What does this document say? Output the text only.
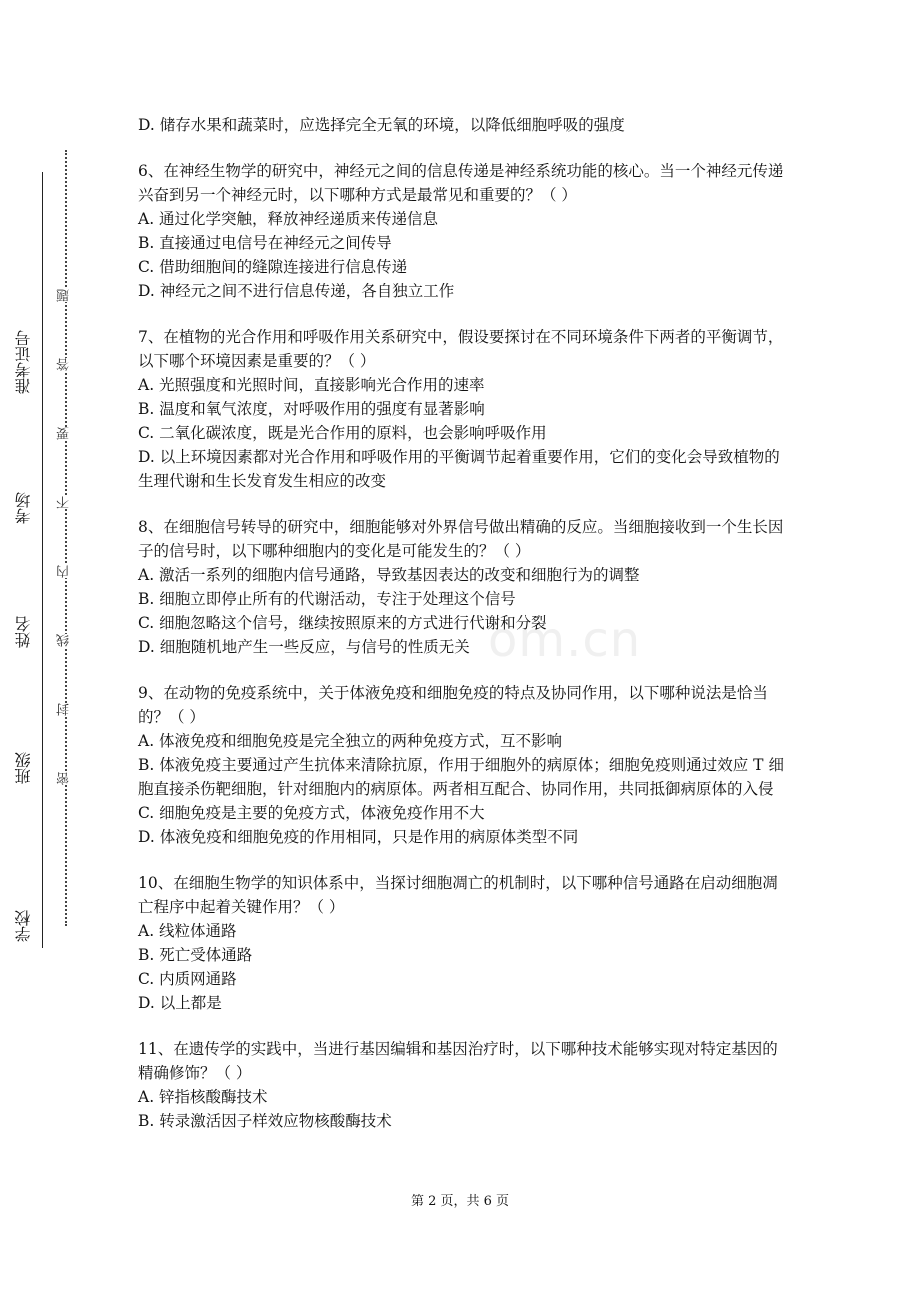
准考证号
考场
姓名
班级
学校
密
封
线
内
不
要
答
题
om.cn

D. 储存水果和蔬菜时，应选择完全无氧的环境，以降低细胞呼吸的强度

6、在神经生物学的研究中，神经元之间的信息传递是神经系统功能的核心。当一个神经元传递兴奋到另一个神经元时，以下哪种方式是最常见和重要的？（ ）

A. 通过化学突触，释放神经递质来传递信息

B. 直接通过电信号在神经元之间传导

C. 借助细胞间的缝隙连接进行信息传递

D. 神经元之间不进行信息传递，各自独立工作

7、在植物的光合作用和呼吸作用关系研究中，假设要探讨在不同环境条件下两者的平衡调节，以下哪个环境因素是重要的？（ ）

A. 光照强度和光照时间，直接影响光合作用的速率

B. 温度和氧气浓度，对呼吸作用的强度有显著影响

C. 二氧化碳浓度，既是光合作用的原料，也会影响呼吸作用

D. 以上环境因素都对光合作用和呼吸作用的平衡调节起着重要作用，它们的变化会导致植物的生理代谢和生长发育发生相应的改变

8、在细胞信号转导的研究中，细胞能够对外界信号做出精确的反应。当细胞接收到一个生长因子的信号时，以下哪种细胞内的变化是可能发生的？（ ）

A. 激活一系列的细胞内信号通路，导致基因表达的改变和细胞行为的调整

B. 细胞立即停止所有的代谢活动，专注于处理这个信号

C. 细胞忽略这个信号，继续按照原来的方式进行代谢和分裂

D. 细胞随机地产生一些反应，与信号的性质无关

9、在动物的免疫系统中，关于体液免疫和细胞免疫的特点及协同作用，以下哪种说法是恰当的？（ ）

A. 体液免疫和细胞免疫是完全独立的两种免疫方式，互不影响

B. 体液免疫主要通过产生抗体来清除抗原，作用于细胞外的病原体；细胞免疫则通过效应 T 细胞直接杀伤靶细胞，针对细胞内的病原体。两者相互配合、协同作用，共同抵御病原体的入侵

C. 细胞免疫是主要的免疫方式，体液免疫作用不大

D. 体液免疫和细胞免疫的作用相同，只是作用的病原体类型不同

10、在细胞生物学的知识体系中，当探讨细胞凋亡的机制时，以下哪种信号通路在启动细胞凋亡程序中起着关键作用？（ ）

A. 线粒体通路

B. 死亡受体通路

C. 内质网通路

D. 以上都是

11、在遗传学的实践中，当进行基因编辑和基因治疗时，以下哪种技术能够实现对特定基因的精确修饰？（ ）

A. 锌指核酸酶技术

B. 转录激活因子样效应物核酸酶技术

第 2 页，共 6 页
